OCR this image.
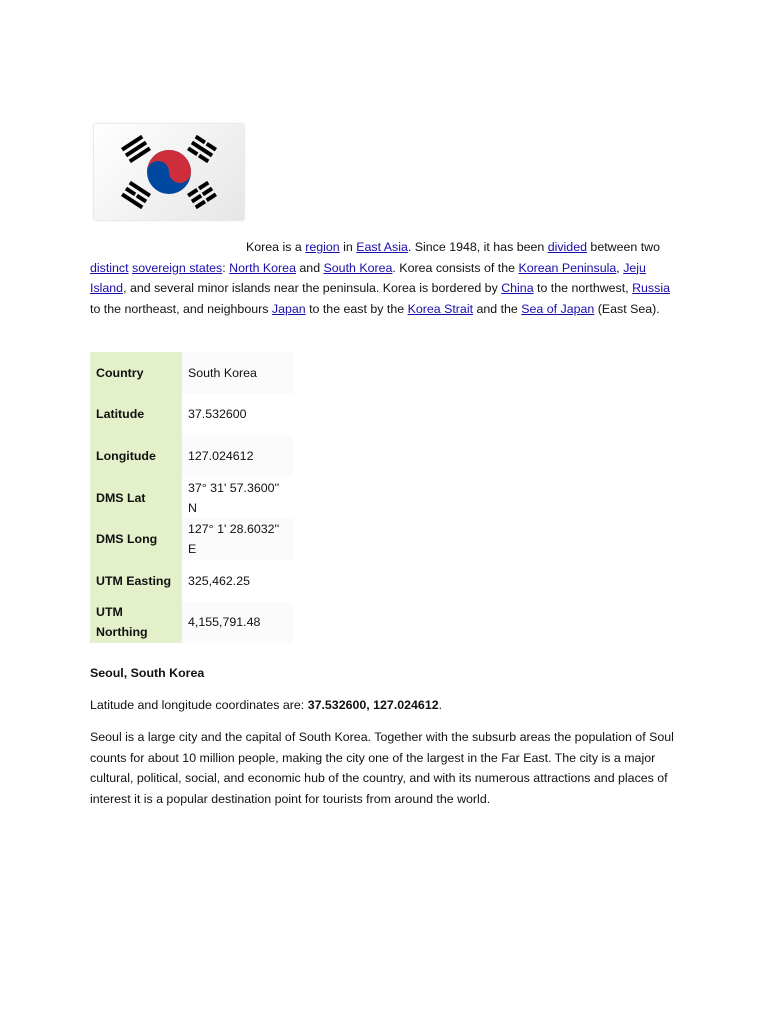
Korea is a region in East Asia. Since 1948, it has been divided between two distinct sovereign states: North Korea and South Korea. Korea consists of the Korean Peninsula, Jeju Island, and several minor islands near the peninsula. Korea is bordered by China to the northwest, Russia to the northeast, and neighbours Japan to the east by the Korea Strait and the Sea of Japan (East Sea).

Country	South Korea
Latitude	37.532600
Longitude	127.024612
DMS Lat	37° 31' 57.3600'' N
DMS Long	127° 1' 28.6032'' E
UTM Easting	325,462.25
UTM Northing	4,155,791.48

Seoul, South Korea

Latitude and longitude coordinates are: 37.532600, 127.024612.

Seoul is a large city and the capital of South Korea. Together with the subsurb areas the population of Soul counts for about 10 million people, making the city one of the largest in the Far East. The city is a major cultural, political, social, and economic hub of the country, and with its numerous attractions and places of interest it is a popular destination point for tourists from around the world.
